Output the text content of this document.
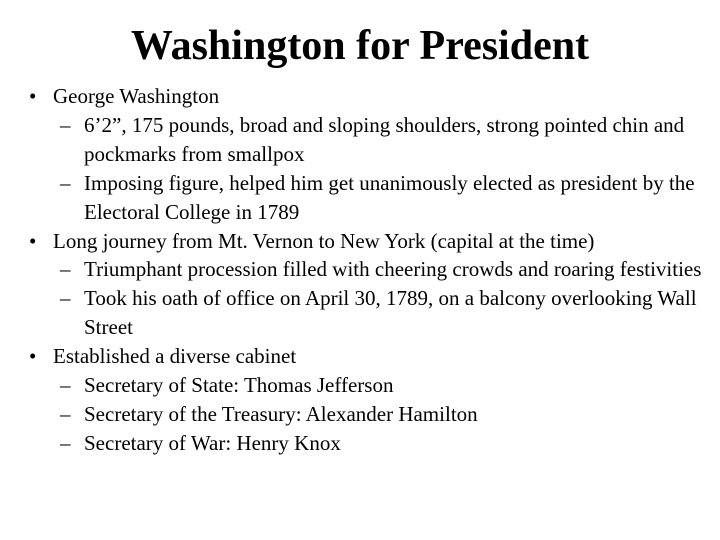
Washington for President

• George Washington

– 6’2”, 175 pounds, broad and sloping shoulders, strong pointed chin and pockmarks from smallpox

– Imposing figure, helped him get unanimously elected as president by the Electoral College in 1789

• Long journey from Mt. Vernon to New York (capital at the time)

– Triumphant procession filled with cheering crowds and roaring festivities

– Took his oath of office on April 30, 1789, on a balcony overlooking Wall Street

• Established a diverse cabinet

– Secretary of State: Thomas Jefferson

– Secretary of the Treasury: Alexander Hamilton

– Secretary of War: Henry Knox
